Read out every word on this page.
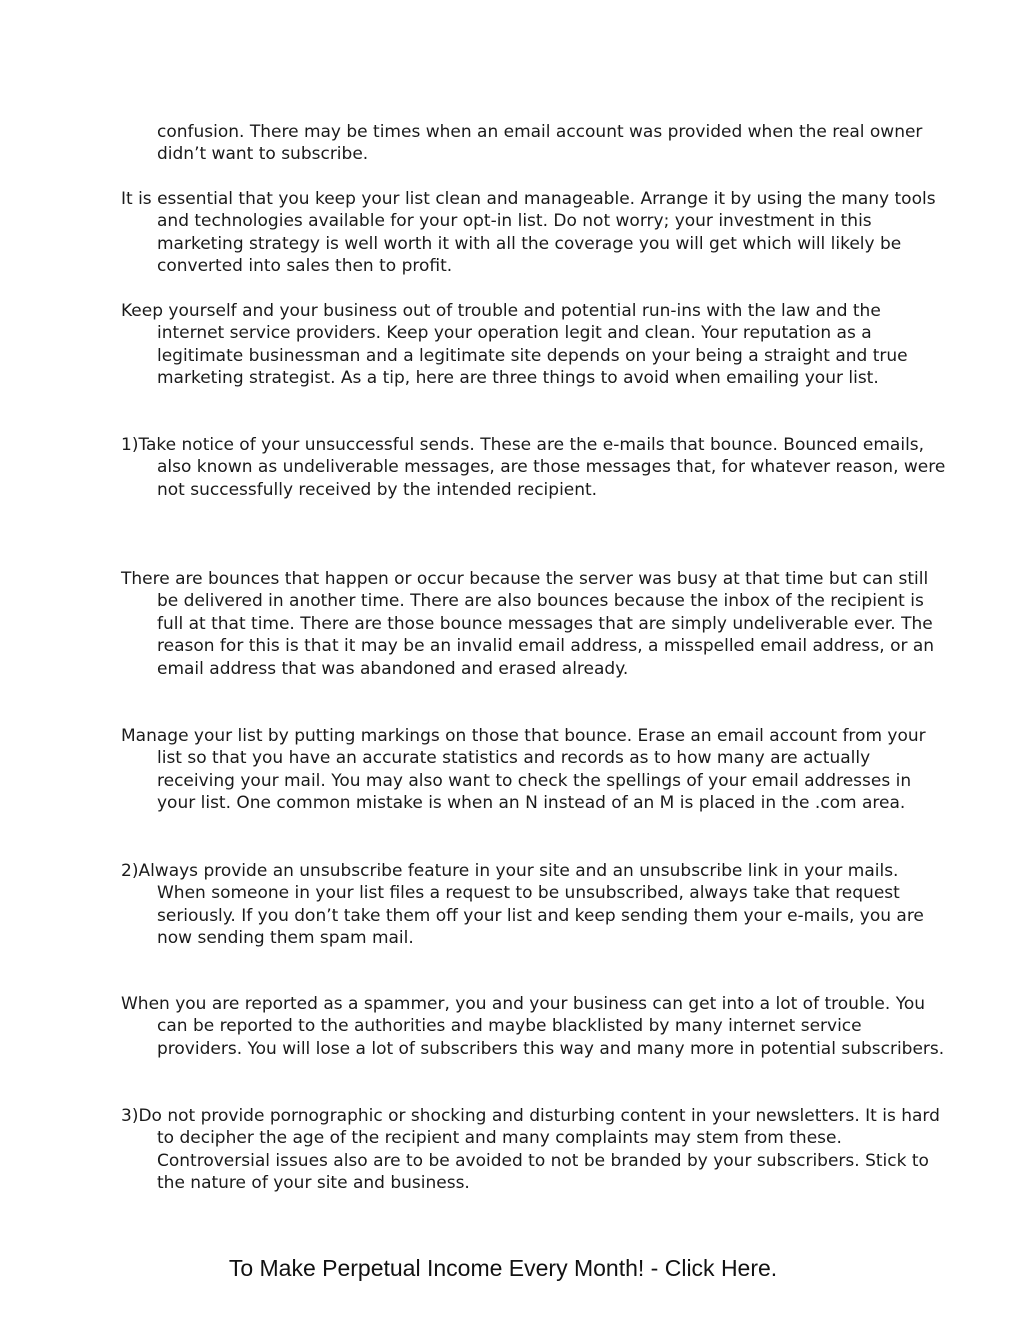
confusion. There may be times when an email account was provided when the real owner didn’t want to subscribe.

It is essential that you keep your list clean and manageable. Arrange it by using the many tools and technologies available for your opt-in list. Do not worry; your investment in this marketing strategy is well worth it with all the coverage you will get which will likely be converted into sales then to profit.

Keep yourself and your business out of trouble and potential run-ins with the law and the internet service providers. Keep your operation legit and clean. Your reputation as a legitimate businessman and a legitimate site depends on your being a straight and true marketing strategist. As a tip, here are three things to avoid when emailing your list.

1)Take notice of your unsuccessful sends. These are the e-mails that bounce. Bounced emails, also known as undeliverable messages, are those messages that, for whatever reason, were not successfully received by the intended recipient.

There are bounces that happen or occur because the server was busy at that time but can still be delivered in another time. There are also bounces because the inbox of the recipient is full at that time. There are those bounce messages that are simply undeliverable ever. The reason for this is that it may be an invalid email address, a misspelled email address, or an email address that was abandoned and erased already.

Manage your list by putting markings on those that bounce. Erase an email account from your list so that you have an accurate statistics and records as to how many are actually receiving your mail. You may also want to check the spellings of your email addresses in your list. One common mistake is when an N instead of an M is placed in the .com area.

2)Always provide an unsubscribe feature in your site and an unsubscribe link in your mails. When someone in your list files a request to be unsubscribed, always take that request seriously. If you don’t take them off your list and keep sending them your e-mails, you are now sending them spam mail.

When you are reported as a spammer, you and your business can get into a lot of trouble. You can be reported to the authorities and maybe blacklisted by many internet service providers. You will lose a lot of subscribers this way and many more in potential subscribers.

3)Do not provide pornographic or shocking and disturbing content in your newsletters. It is hard to decipher the age of the recipient and many complaints may stem from these. Controversial issues also are to be avoided to not be branded by your subscribers. Stick to the nature of your site and business.

To Make Perpetual Income Every Month! - Click Here.
